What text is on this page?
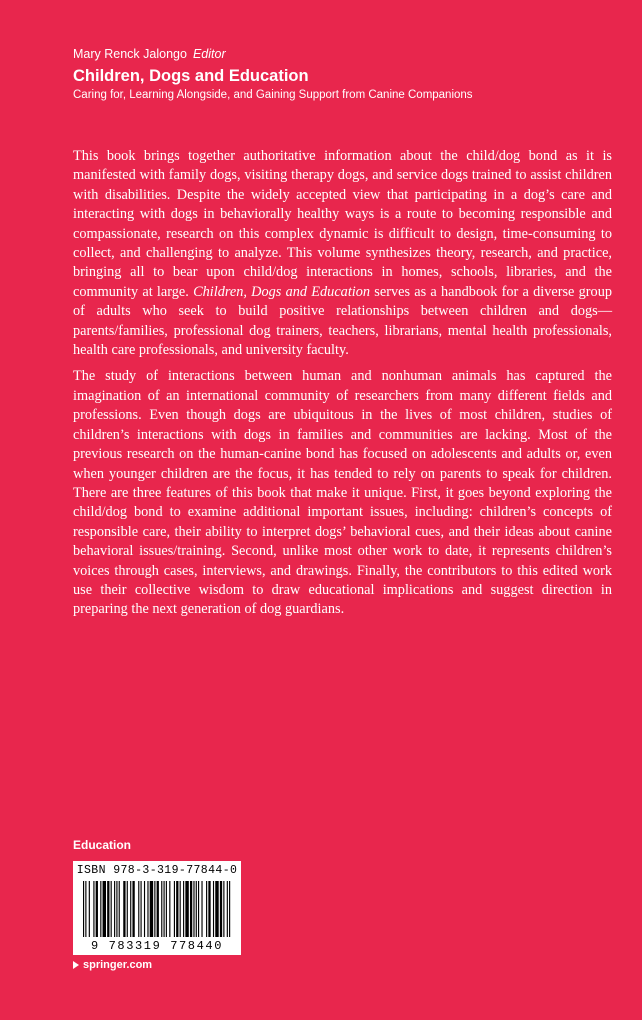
Mary Renck Jalongo Editor

Children, Dogs and Education

Caring for, Learning Alongside, and Gaining Support from Canine Companions

This book brings together authoritative information about the child/dog bond as it is manifested with family dogs, visiting therapy dogs, and service dogs trained to assist children with disabilities. Despite the widely accepted view that participating in a dog’s care and interacting with dogs in behaviorally healthy ways is a route to becoming responsible and compassionate, research on this complex dynamic is difficult to design, time-consuming to collect, and challenging to analyze. This volume synthesizes theory, research, and practice, bringing all to bear upon child/dog interactions in homes, schools, libraries, and the community at large. Children, Dogs and Education serves as a handbook for a diverse group of adults who seek to build positive relationships between children and dogs—parents/families, professional dog trainers, teachers, librarians, mental health professionals, health care professionals, and university faculty.

The study of interactions between human and nonhuman animals has captured the imagination of an international community of researchers from many different fields and professions. Even though dogs are ubiquitous in the lives of most children, studies of children’s interactions with dogs in families and communities are lacking. Most of the previous research on the human-canine bond has focused on adolescents and adults or, even when younger children are the focus, it has tended to rely on parents to speak for children. There are three features of this book that make it unique. First, it goes beyond exploring the child/dog bond to examine additional important issues, including: children’s concepts of responsible care, their ability to interpret dogs’ behavioral cues, and their ideas about canine behavioral issues/training. Second, unlike most other work to date, it represents children’s voices through cases, interviews, and drawings. Finally, the contributors to this edited work use their collective wisdom to draw educational implications and suggest direction in preparing the next generation of dog guardians.

Education
ISBN 978-3-319-77844-0
9 783319 778440
springer.com
